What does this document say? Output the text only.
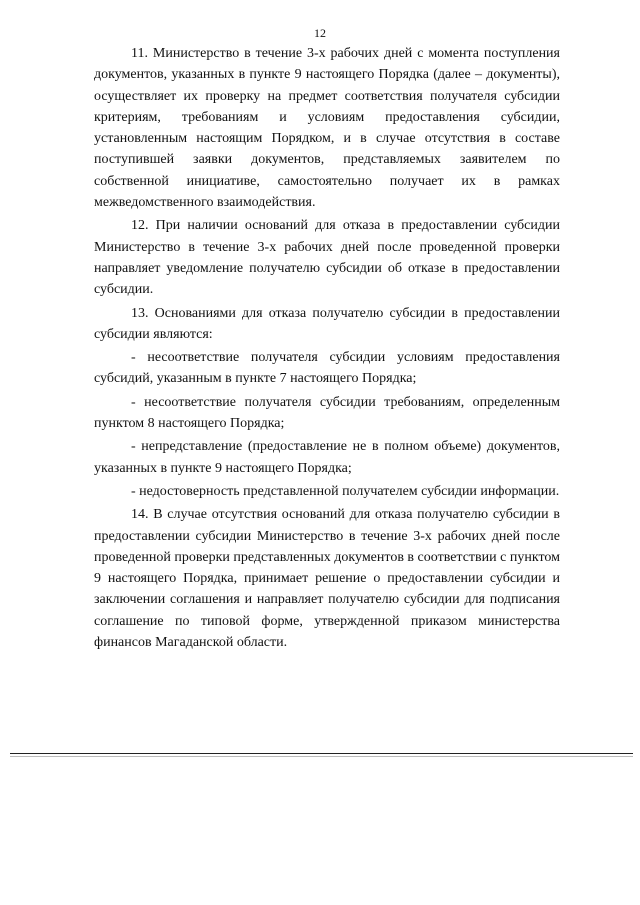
12

11. Министерство в течение 3-х рабочих дней с момента поступления документов, указанных в пункте 9 настоящего Порядка (далее – документы), осуществляет их проверку на предмет соответствия получателя субсидии критериям, требованиям и условиям предоставления субсидии, установленным настоящим Порядком, и в случае отсутствия в составе поступившей заявки документов, представляемых заявителем по собственной инициативе, самостоятельно получает их в рамках межведомственного взаимодействия.

12. При наличии оснований для отказа в предоставлении субсидии Министерство в течение 3-х рабочих дней после проведенной проверки направляет уведомление получателю субсидии об отказе в предоставлении субсидии.

13. Основаниями для отказа получателю субсидии в предоставлении субсидии являются:

- несоответствие получателя субсидии условиям предоставления субсидий, указанным в пункте 7 настоящего Порядка;

- несоответствие получателя субсидии требованиям, определенным пунктом 8 настоящего Порядка;

- непредставление (предоставление не в полном объеме) документов, указанных в пункте 9 настоящего Порядка;

- недостоверность представленной получателем субсидии информации.

14. В случае отсутствия оснований для отказа получателю субсидии в предоставлении субсидии Министерство в течение 3-х рабочих дней после проведенной проверки представленных документов в соответствии с пунктом 9 настоящего Порядка, принимает решение о предоставлении субсидии и заключении соглашения и направляет получателю субсидии для подписания соглашение по типовой форме, утвержденной приказом министерства финансов Магаданской области.
